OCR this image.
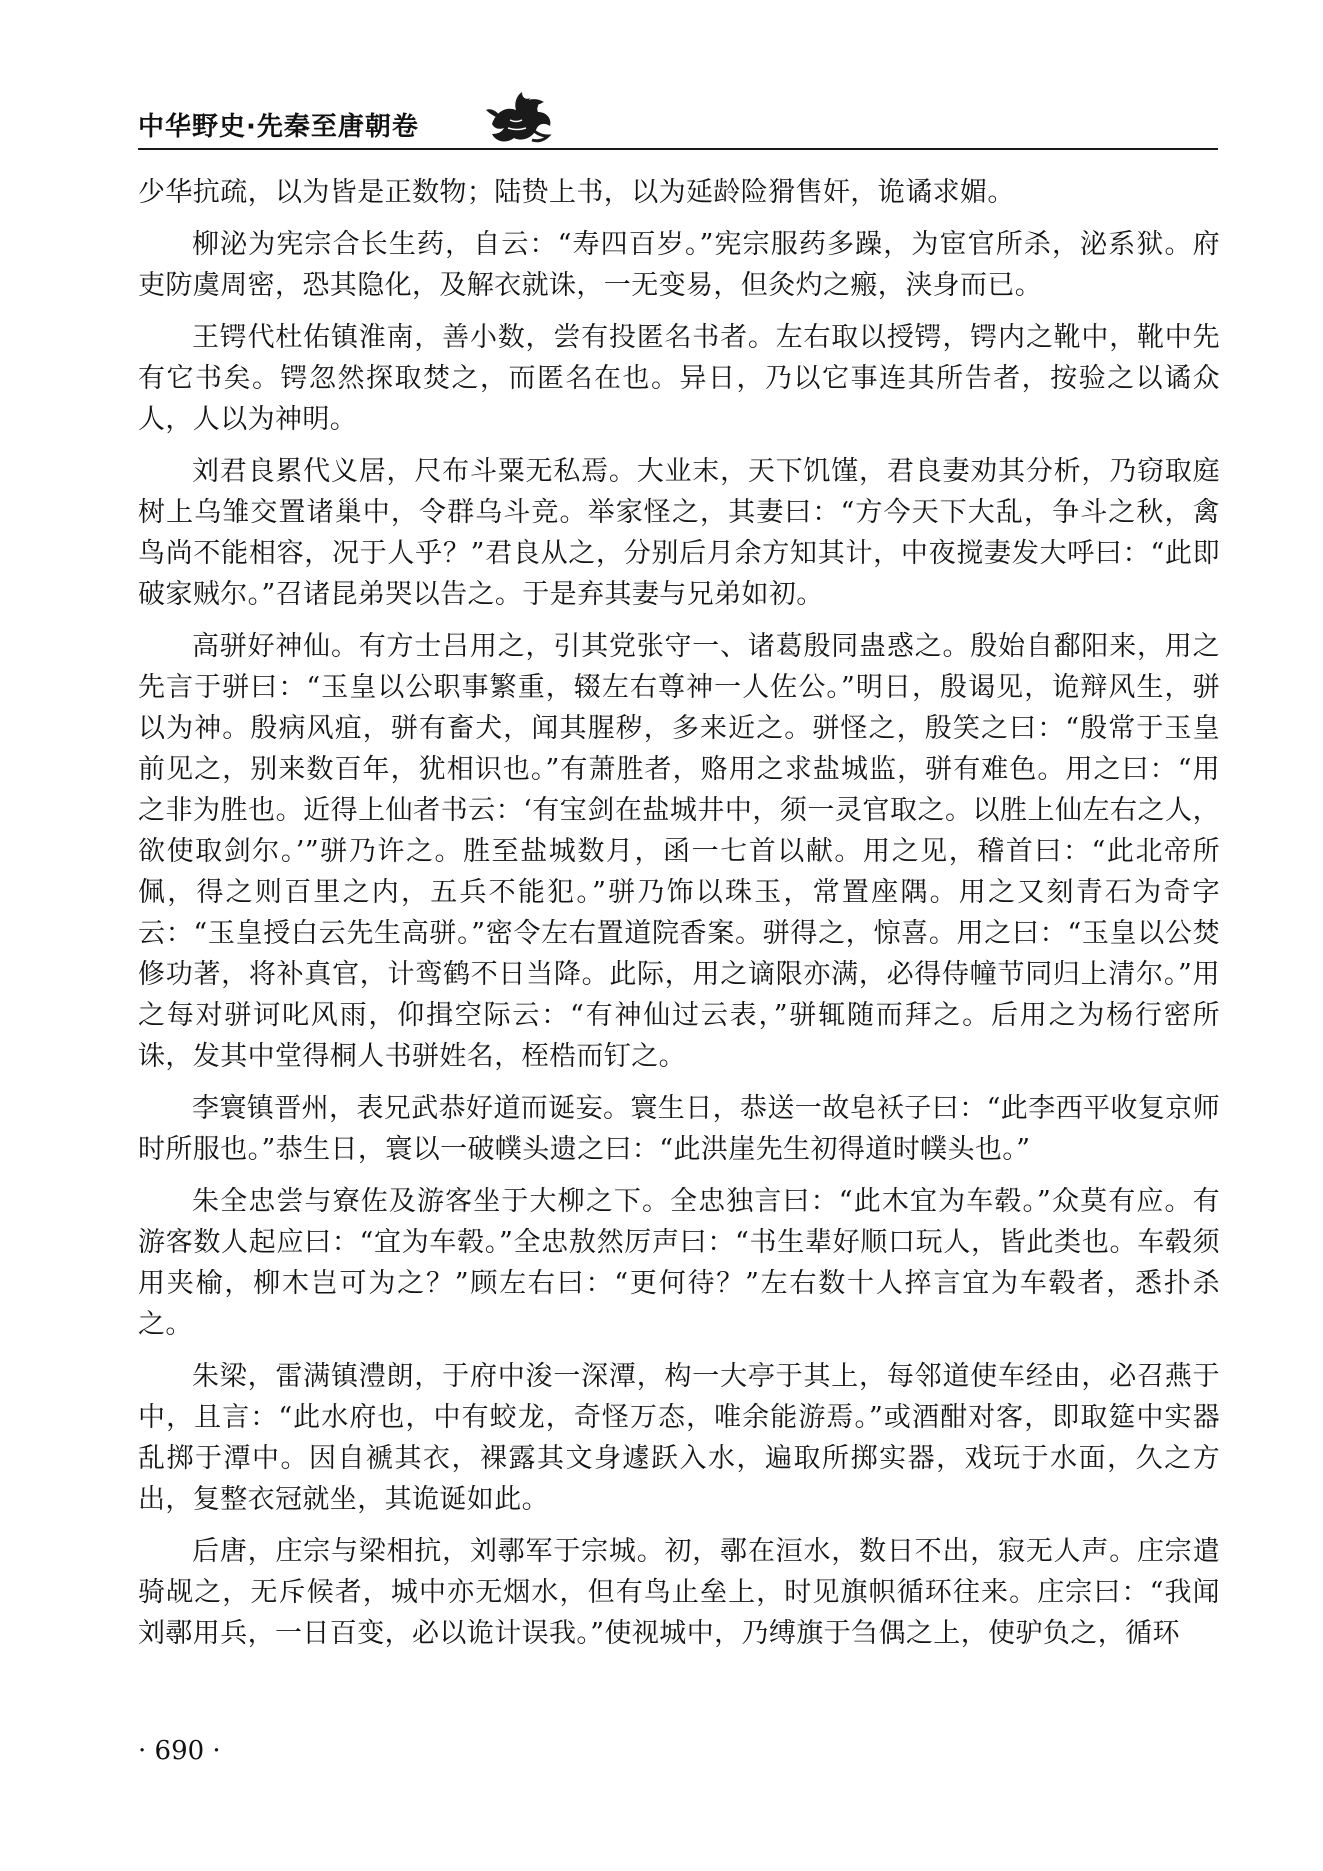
中华野史·先秦至唐朝卷

少华抗疏，以为皆是正数物；陆贽上书，以为延龄险猾售奸，诡谲求媚。

柳泌为宪宗合长生药，自云：“寿四百岁。”宪宗服药多躁，为宦官所杀，泌系狱。府吏防虞周密，恐其隐化，及解衣就诛，一无变易，但灸灼之瘢，浃身而已。

王锷代杜佑镇淮南，善小数，尝有投匿名书者。左右取以授锷，锷内之靴中，靴中先有它书矣。锷忽然探取焚之，而匿名在也。异日，乃以它事连其所告者，按验之以谲众人，人以为神明。

刘君良累代义居，尺布斗粟无私焉。大业末，天下饥馑，君良妻劝其分析，乃窃取庭树上乌雏交置诸巢中，令群乌斗竞。举家怪之，其妻曰：“方今天下大乱，争斗之秋，禽鸟尚不能相容，况于人乎？”君良从之，分别后月余方知其计，中夜搅妻发大呼曰：“此即破家贼尔。”召诸昆弟哭以告之。于是弃其妻与兄弟如初。

高骈好神仙。有方士吕用之，引其党张守一、诸葛殷同蛊惑之。殷始自鄱阳来，用之先言于骈曰：“玉皇以公职事繁重，辍左右尊神一人佐公。”明日，殷谒见，诡辩风生，骈以为神。殷病风疽，骈有畜犬，闻其腥秽，多来近之。骈怪之，殷笑之曰：“殷常于玉皇前见之，别来数百年，犹相识也。”有萧胜者，赂用之求盐城监，骈有难色。用之曰：“用之非为胜也。近得上仙者书云：‘有宝剑在盐城井中，须一灵官取之。以胜上仙左右之人，欲使取剑尔。’”骈乃许之。胜至盐城数月，函一七首以献。用之见，稽首曰：“此北帝所佩，得之则百里之内，五兵不能犯。”骈乃饰以珠玉，常置座隅。用之又刻青石为奇字云：“玉皇授白云先生高骈。”密令左右置道院香案。骈得之，惊喜。用之曰：“玉皇以公焚修功著，将补真官，计鸾鹤不日当降。此际，用之谪限亦满，必得侍幢节同归上清尔。”用之每对骈诃叱风雨，仰揖空际云：“有神仙过云表，”骈辄随而拜之。后用之为杨行密所诛，发其中堂得桐人书骈姓名，桎梏而钉之。

李寰镇晋州，表兄武恭好道而诞妄。寰生日，恭送一故皂袄子曰：“此李西平收复京师时所服也。”恭生日，寰以一破幞头遗之曰：“此洪崖先生初得道时幞头也。”

朱全忠尝与寮佐及游客坐于大柳之下。全忠独言曰：“此木宜为车毂。”众莫有应。有游客数人起应曰：“宜为车毂。”全忠敖然厉声曰：“书生辈好顺口玩人，皆此类也。车毂须用夹榆，柳木岂可为之？”顾左右曰：“更何待？”左右数十人捽言宜为车毂者，悉扑杀之。

朱梁，雷满镇澧朗，于府中浚一深潭，构一大亭于其上，每邻道使车经由，必召燕于中，且言：“此水府也，中有蛟龙，奇怪万态，唯余能游焉。”或酒酣对客，即取筵中实器乱掷于潭中。因自褫其衣，裸露其文身遽跃入水，遍取所掷实器，戏玩于水面，久之方出，复整衣冠就坐，其诡诞如此。

后唐，庄宗与梁相抗，刘鄩军于宗城。初，鄩在洹水，数日不出，寂无人声。庄宗遣骑觇之，无斥候者，城中亦无烟水，但有鸟止垒上，时见旗帜循环往来。庄宗曰：“我闻刘鄩用兵，一日百变，必以诡计误我。”使视城中，乃缚旗于刍偶之上，使驴负之，循环

· 690 ·
